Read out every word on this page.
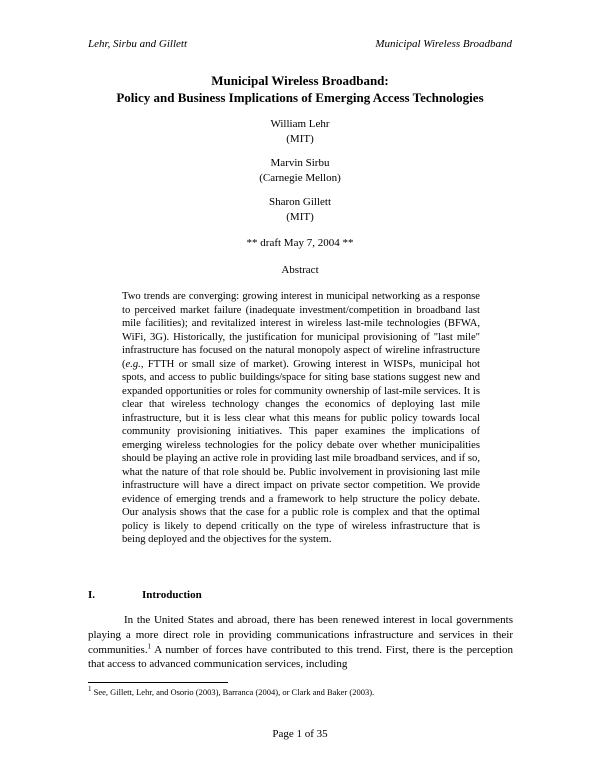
Lehr, Sirbu and Gillett	Municipal Wireless Broadband
Municipal Wireless Broadband:
Policy and Business Implications of Emerging Access Technologies
William Lehr
(MIT)
Marvin Sirbu
(Carnegie Mellon)
Sharon Gillett
(MIT)
** draft May 7, 2004 **
Abstract
Two trends are converging: growing interest in municipal networking as a response to perceived market failure (inadequate investment/competition in broadband last mile facilities); and revitalized interest in wireless last-mile technologies (BFWA, WiFi, 3G). Historically, the justification for municipal provisioning of "last mile" infrastructure has focused on the natural monopoly aspect of wireline infrastructure (e.g., FTTH or small size of market). Growing interest in WISPs, municipal hot spots, and access to public buildings/space for siting base stations suggest new and expanded opportunities or roles for community ownership of last-mile services. It is clear that wireless technology changes the economics of deploying last mile infrastructure, but it is less clear what this means for public policy towards local community provisioning initiatives. This paper examines the implications of emerging wireless technologies for the policy debate over whether municipalities should be playing an active role in providing last mile broadband services, and if so, what the nature of that role should be. Public involvement in provisioning last mile infrastructure will have a direct impact on private sector competition. We provide evidence of emerging trends and a framework to help structure the policy debate. Our analysis shows that the case for a public role is complex and that the optimal policy is likely to depend critically on the type of wireless infrastructure that is being deployed and the objectives for the system.
I.	Introduction
In the United States and abroad, there has been renewed interest in local governments playing a more direct role in providing communications infrastructure and services in their communities.$^1$ A number of forces have contributed to this trend. First, there is the perception that access to advanced communication services, including
$^1$ See, Gillett, Lehr, and Osorio (2003), Barranca (2004), or Clark and Baker (2003).
Page 1 of 35
